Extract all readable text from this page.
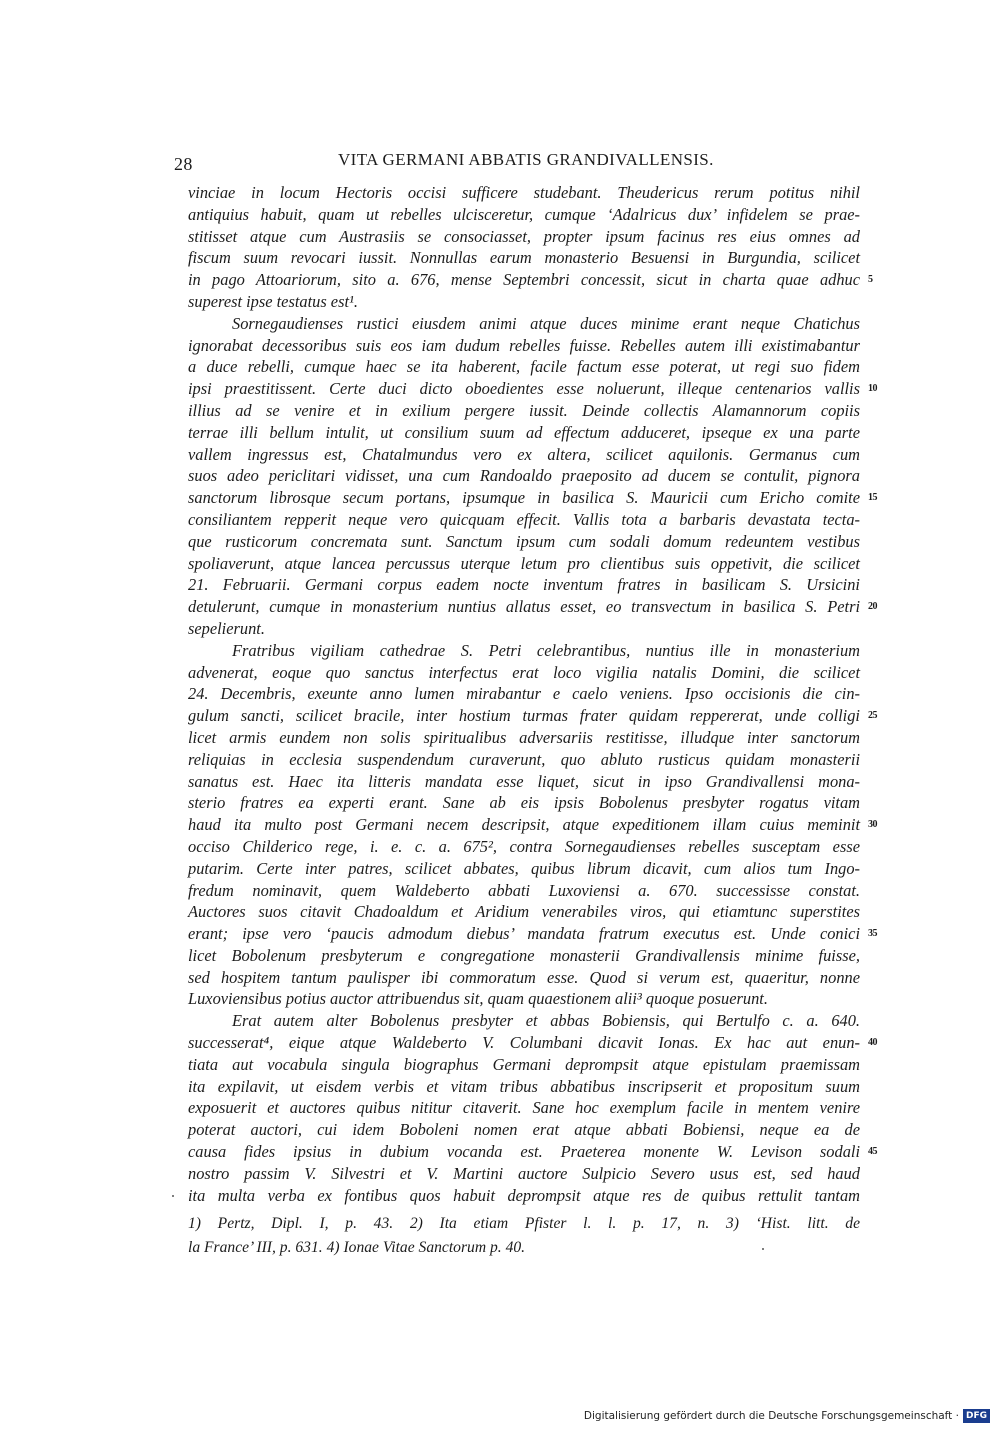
28	VITA GERMANI ABBATIS GRANDIVALLENSIS.
vinciae in locum Hectoris occisi sufficere studebant. Theudericus rerum potitus nihil
antiquius habuit, quam ut rebelles ulcisceretur, cumque ‘Adalricus dux’ infidelem se prae-
stitisset atque cum Austrasiis se consociasset, propter ipsum facinus res eius omnes ad
fiscum suum revocari iussit. Nonnullas earum monasterio Besuensi in Burgundia, scilicet
in pago Attoariorum, sito a. 676, mense Septembri concessit, sicut in charta quae adhuc 5
superest ipse testatus est¹.
Sornegaudienses rustici eiusdem animi atque duces minime erant neque Chatichus
ignorabat decessoribus suis eos iam dudum rebelles fuisse. Rebelles autem illi existimabantur
a duce rebelli, cumque haec se ita haberent, facile factum esse poterat, ut regi suo fidem
ipsi praestitissent. Certe duci dicto oboedientes esse noluerunt, illeque centenarios vallis 10
illius ad se venire et in exilium pergere iussit. Deinde collectis Alamannorum copiis
terrae illi bellum intulit, ut consilium suum ad effectum adduceret, ipseque ex una parte
vallem ingressus est, Chatalmundus vero ex altera, scilicet aquilonis. Germanus cum
suos adeo periclitari vidisset, una cum Randoaldo praeposito ad ducem se contulit, pignora
sanctorum librosque secum portans, ipsumque in basilica S. Mauricii cum Ericho comite 15
consiliantem repperit neque vero quicquam effecit. Vallis tota a barbaris devastata tecta-
que rusticorum concremata sunt. Sanctum ipsum cum sodali domum redeuntem vestibus
spoliaverunt, atque lancea percussus uterque letum pro clientibus suis oppetivit, die scilicet
21. Februarii. Germani corpus eadem nocte inventum fratres in basilicam S. Ursicini
detulerunt, cumque in monasterium nuntius allatus esset, eo transvectum in basilica S. Petri 20
sepelierunt.
Fratribus vigiliam cathedrae S. Petri celebrantibus, nuntius ille in monasterium
advenerat, eoque quo sanctus interfectus erat loco vigilia natalis Domini, die scilicet
24. Decembris, exeunte anno lumen mirabantur e caelo veniens. Ipso occisionis die cin-
gulum sancti, scilicet bracile, inter hostium turmas frater quidam reppererat, unde colligi 25
licet armis eundem non solis spiritualibus adversariis restitisse, illudque inter sanctorum
reliquias in ecclesia suspendendum curaverunt, quo abluto rusticus quidam monasterii
sanatus est. Haec ita litteris mandata esse liquet, sicut in ipso Grandivallensi mona-
sterio fratres ea experti erant. Sane ab eis ipsis Bobolenus presbyter rogatus vitam
haud ita multo post Germani necem descripsit, atque expeditionem illam cuius meminit 30
occiso Childerico rege, i. e. c. a. 675², contra Sornegaudienses rebelles susceptam esse
putarim. Certe inter patres, scilicet abbates, quibus librum dicavit, cum alios tum Ingo-
fredum nominavit, quem Waldeberto abbati Luxoviensi a. 670. successisse constat.
Auctores suos citavit Chadoaldum et Aridium venerabiles viros, qui etiamtunc superstites
erant; ipse vero ‘paucis admodum diebus’ mandata fratrum executus est. Unde conici 35
licet Bobolenum presbyterum e congregatione monasterii Grandivallensis minime fuisse,
sed hospitem tantum paulisper ibi commoratum esse. Quod si verum est, quaeritur, nonne
Luxoviensibus potius auctor attribuendus sit, quam quaestionem alii³ quoque posuerunt.
Erat autem alter Bobolenus presbyter et abbas Bobiensis, qui Bertulfo c. a. 640.
successerat⁴, eique atque Waldeberto V. Columbani dicavit Ionas. Ex hac aut enun- 40
tiata aut vocabula singula biographus Germani deprompsit atque epistulam praemissam
ita expilavit, ut eisdem verbis et vitam tribus abbatibus inscripserit et propositum suum
exposuerit et auctores quibus nititur citaverit. Sane hoc exemplum facile in mentem venire
poterat auctori, cui idem Boboleni nomen erat atque abbati Bobiensi, neque ea de
causa fides ipsius in dubium vocanda est. Praeterea monente W. Levison sodali 45
nostro passim V. Silvestri et V. Martini auctore Sulpicio Severo usus est, sed haud
ita multa verba ex fontibus quos habuit deprompsit atque res de quibus rettulit tantam
1) Pertz, Dipl. I, p. 43. 2) Ita etiam Pfister l. l. p. 17, n. 3) ‘Hist. litt. de
la France’ III, p. 631. 4) Ionae Vitae Sanctorum p. 40.
Digitalisierung gefördert durch die Deutsche Forschungsgemeinschaft · DFG
